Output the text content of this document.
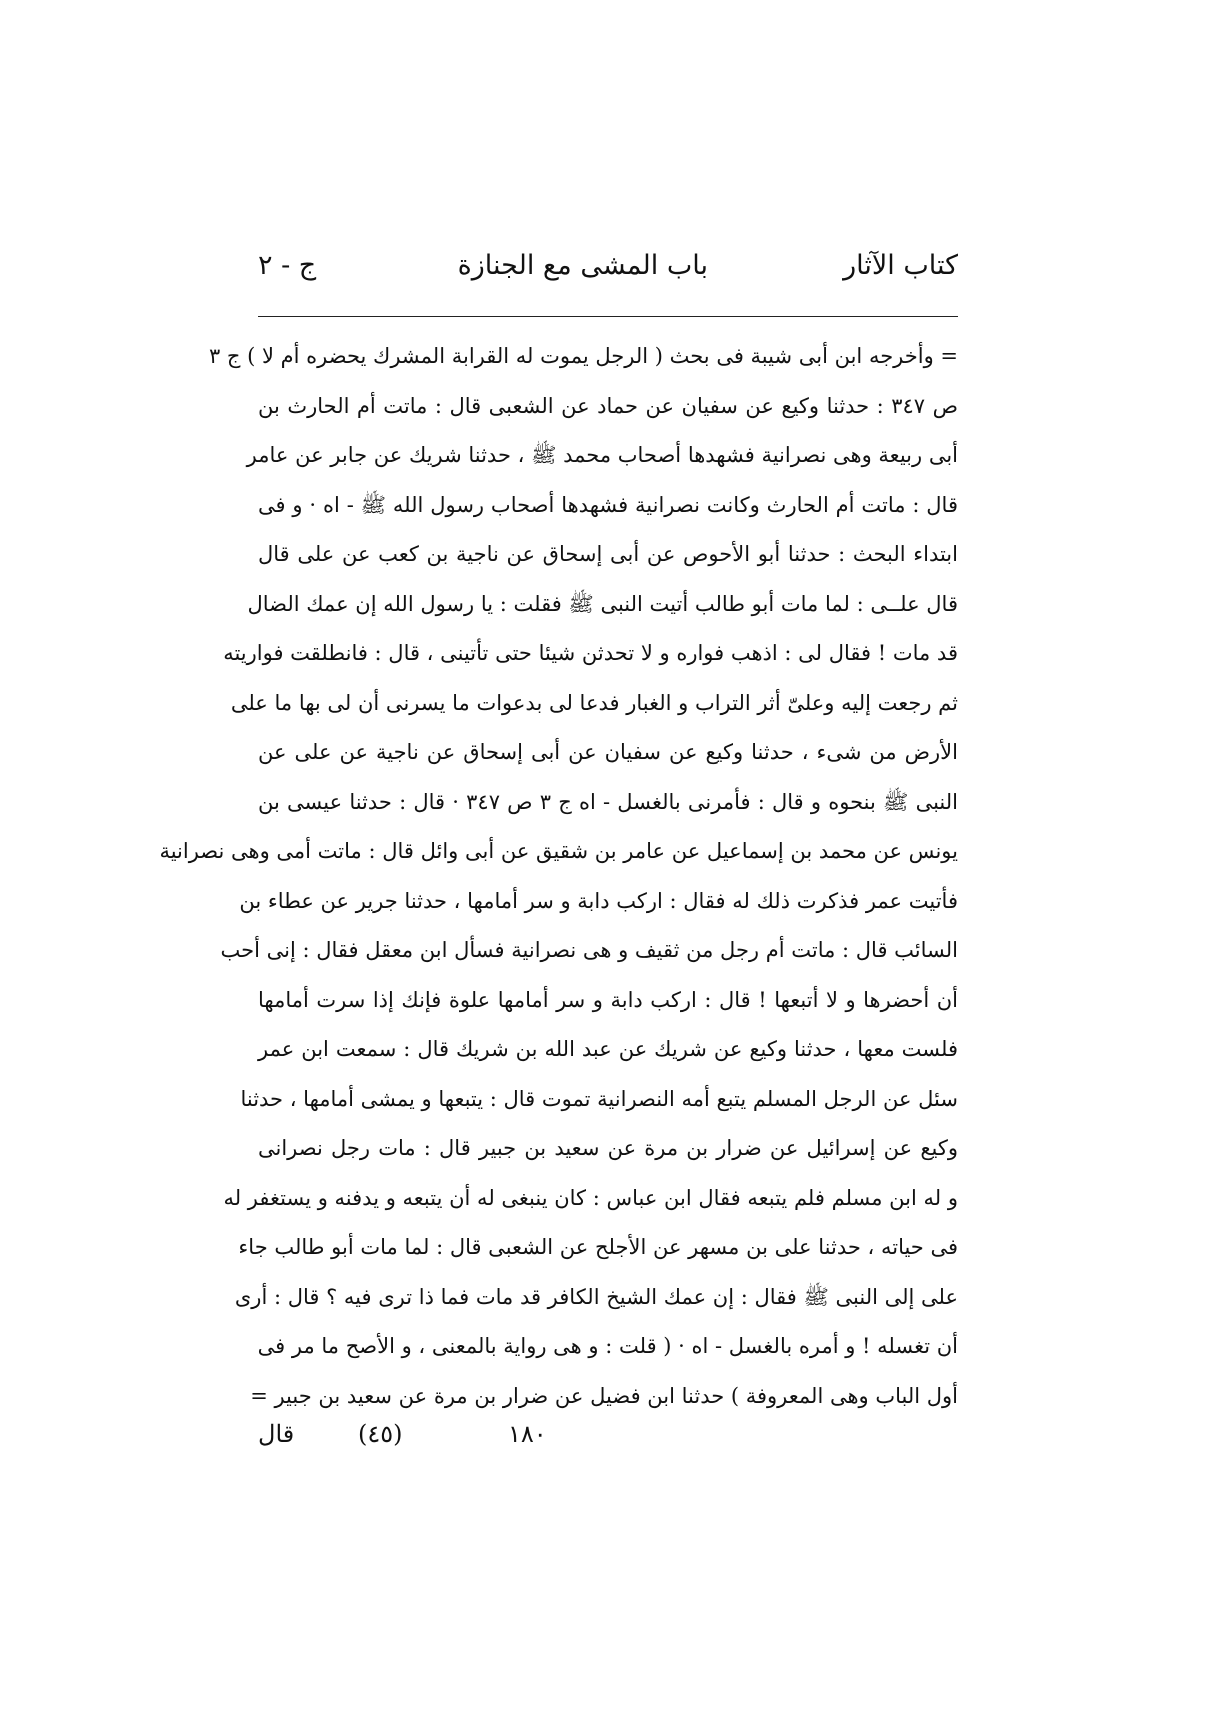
كتاب الآثار
باب المشى مع الجنازة
ج - ٢
= وأخرجه ابن أبى شيبة فى بحث ( الرجل يموت له القرابة المشرك يحضره أم لا ) ج ٣
ص ٣٤٧ : حدثنا وكيع عن سفيان عن حماد عن الشعبى قال : ماتت أم الحارث بن
أبى ربيعة وهى نصرانية فشهدها أصحاب محمد ﷺ ، حدثنا شريك عن جابر عن عامر
قال : ماتت أم الحارث وكانت نصرانية فشهدها أصحاب رسول الله ﷺ - اه · و فى
ابتداء البحث : حدثنا أبو الأحوص عن أبى إسحاق عن ناجية بن كعب عن على قال
قال علــى : لما مات أبو طالب أتيت النبى ﷺ فقلت : يا رسول الله إن عمك الضال
قد مات ! فقال لى : اذهب فواره و لا تحدثن شيئا حتى تأتينى ، قال : فانطلقت فواريته
ثم رجعت إليه وعلىّ أثر التراب و الغبار فدعا لى بدعوات ما يسرنى أن لى بها ما على
الأرض من شىء ، حدثنا وكيع عن سفيان عن أبى إسحاق عن ناجية عن على عن
النبى ﷺ بنحوه و قال : فأمرنى بالغسل - اه ج ٣ ص ٣٤٧ · قال : حدثنا عيسى بن
يونس عن محمد بن إسماعيل عن عامر بن شقيق عن أبى وائل قال : ماتت أمى وهى نصرانية
فأتيت عمر فذكرت ذلك له فقال : اركب دابة و سر أمامها ، حدثنا جرير عن عطاء بن
السائب قال : ماتت أم رجل من ثقيف و هى نصرانية فسأل ابن معقل فقال : إنى أحب
أن أحضرها و لا أتبعها ! قال : اركب دابة و سر أمامها علوة فإنك إذا سرت أمامها
فلست معها ، حدثنا وكيع عن شريك عن عبد الله بن شريك قال : سمعت ابن عمر
سئل عن الرجل المسلم يتبع أمه النصرانية تموت قال : يتبعها و يمشى أمامها ، حدثنا
وكيع عن إسرائيل عن ضرار بن مرة عن سعيد بن جبير قال : مات رجل نصرانى
و له ابن مسلم فلم يتبعه فقال ابن عباس : كان ينبغى له أن يتبعه و يدفنه و يستغفر له
فى حياته ، حدثنا على بن مسهر عن الأجلح عن الشعبى قال : لما مات أبو طالب جاء
على إلى النبى ﷺ فقال : إن عمك الشيخ الكافر قد مات فما ذا ترى فيه ؟ قال : أرى
أن تغسله ! و أمره بالغسل - اه · ( قلت : و هى رواية بالمعنى ، و الأصح ما مر فى
أول الباب وهى المعروفة ) حدثنا ابن فضيل عن ضرار بن مرة عن سعيد بن جبير =
١٨٠
(٤٥)
قال
